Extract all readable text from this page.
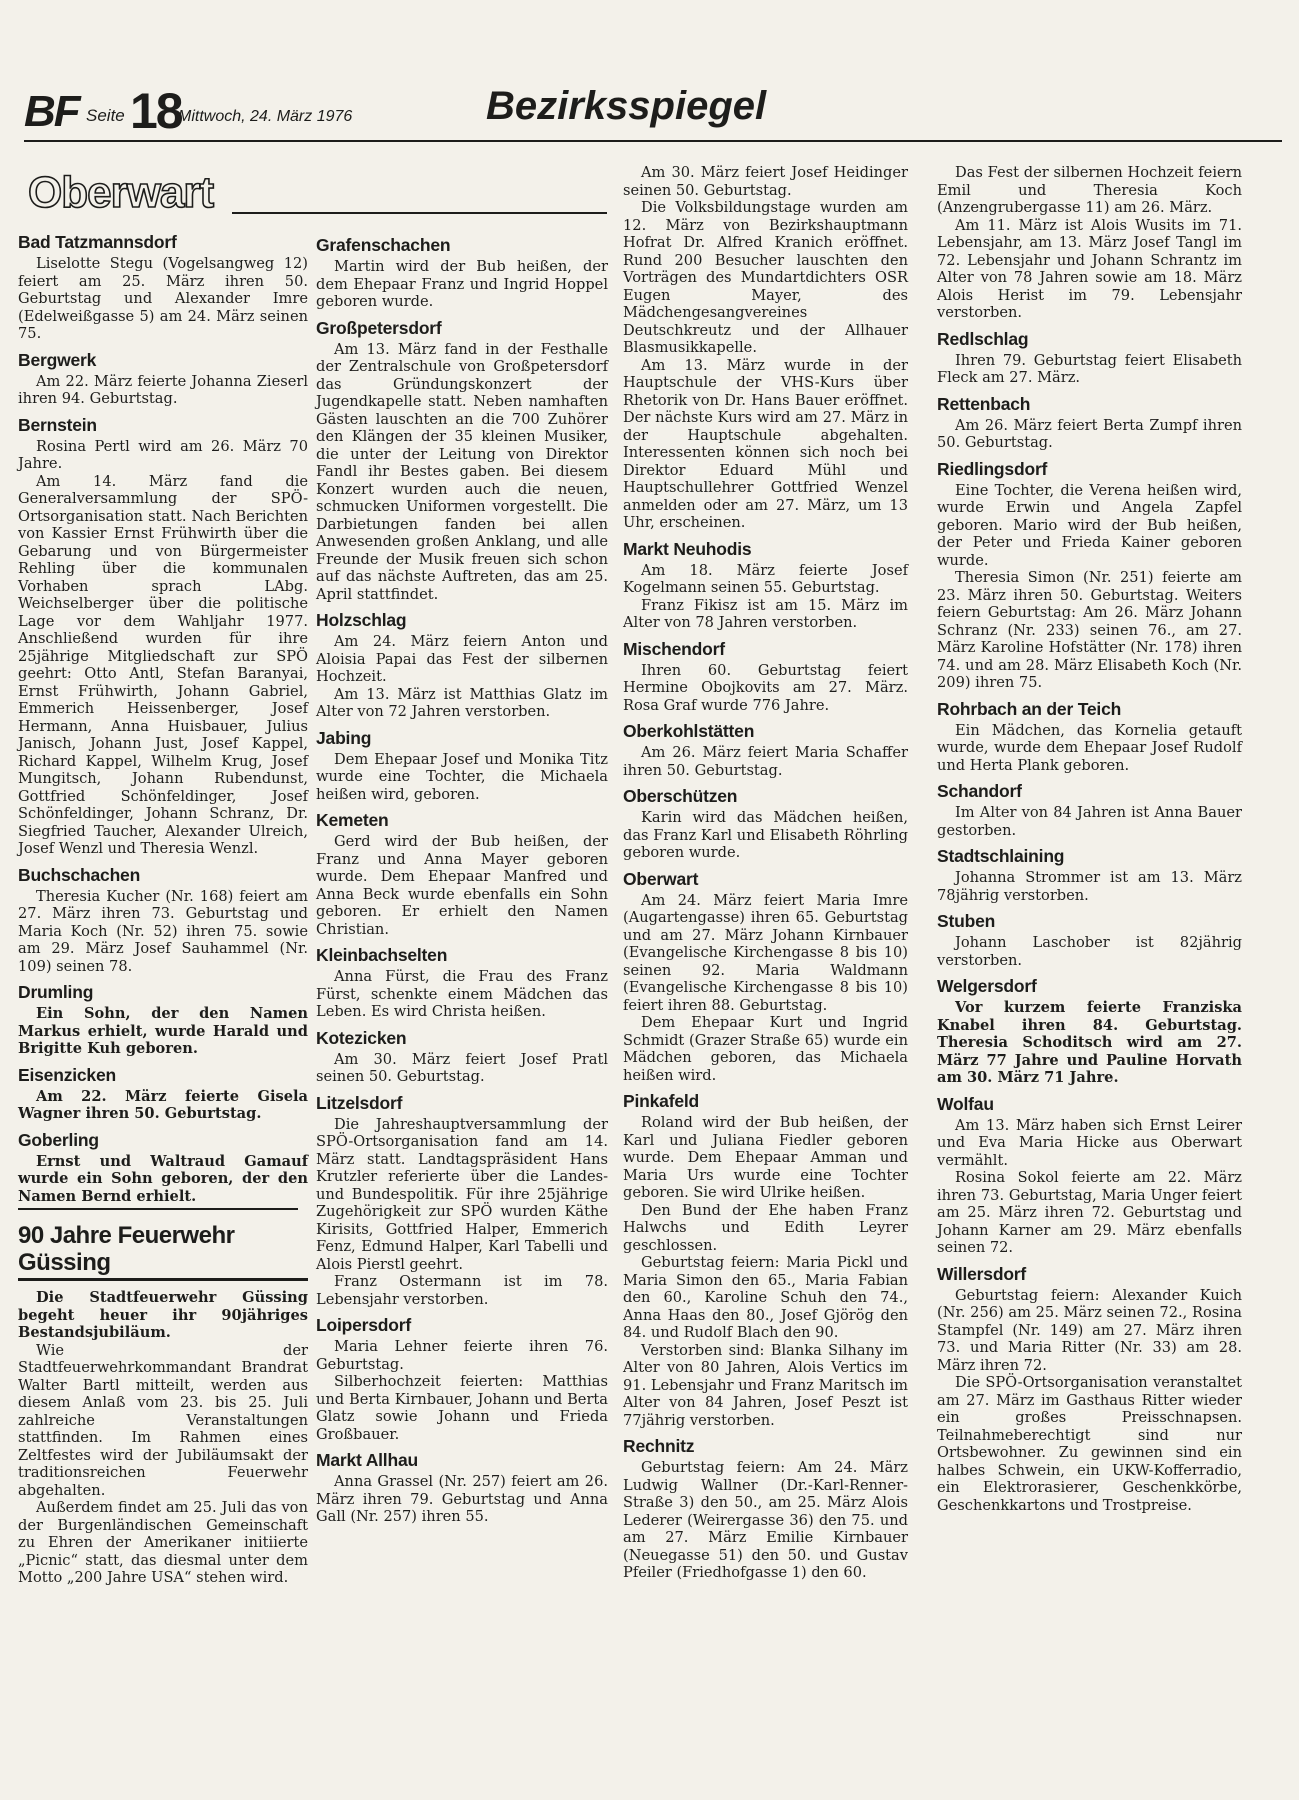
BF Seite 18
Mittwoch, 24. März 1976	Bezirksspiegel
Oberwart
Bad Tatzmannsdorf

Liselotte Stegu (Vogelsangweg 12) feiert am 25. März ihren 50. Geburtstag und Alexander Imre (Edelweißgasse 5) am 24. März seinen 75.

Bergwerk

Am 22. März feierte Johanna Zieserl ihren 94. Geburtstag.

Bernstein

Rosina Pertl wird am 26. März 70 Jahre.

Am 14. März fand die Generalversammlung der SPÖ-Ortsorganisation statt. Nach Berichten von Kassier Ernst Frühwirth über die Gebarung und von Bürgermeister Rehling über die kommunalen Vorhaben sprach LAbg. Weichselberger über die politische Lage vor dem Wahljahr 1977. Anschließend wurden für ihre 25jährige Mitgliedschaft zur SPÖ geehrt: Otto Antl, Stefan Baranyai, Ernst Frühwirth, Johann Gabriel, Emmerich Heissenberger, Josef Hermann, Anna Huisbauer, Julius Janisch, Johann Just, Josef Kappel, Richard Kappel, Wilhelm Krug, Josef Mungitsch, Johann Rubendunst, Gottfried Schönfeldinger, Josef Schönfeldinger, Johann Schranz, Dr. Siegfried Taucher, Alexander Ulreich, Josef Wenzl und Theresia Wenzl.

Buchschachen

Theresia Kucher (Nr. 168) feiert am 27. März ihren 73. Geburtstag und Maria Koch (Nr. 52) ihren 75. sowie am 29. März Josef Sauhammel (Nr. 109) seinen 78.

Drumling

Ein Sohn, der den Namen Markus erhielt, wurde Harald und Brigitte Kuh geboren.

Eisenzicken

Am 22. März feierte Gisela Wagner ihren 50. Geburtstag.

Goberling

Ernst und Waltraud Gamauf wurde ein Sohn geboren, der den Namen Bernd erhielt.

90 Jahre Feuerwehr Güssing

Die Stadtfeuerwehr Güssing begeht heuer ihr 90jähriges Bestandsjubiläum.

Wie der Stadtfeuerwehrkommandant Brandrat Walter Bartl mitteilt, werden aus diesem Anlaß vom 23. bis 25. Juli zahlreiche Veranstaltungen stattfinden. Im Rahmen eines Zeltfestes wird der Jubiläumsakt der traditionsreichen Feuerwehr abgehalten.

Außerdem findet am 25. Juli das von der Burgenländischen Gemeinschaft zu Ehren der Amerikaner initiierte „Picnic“ statt, das diesmal unter dem Motto „200 Jahre USA“ stehen wird.

Grafenschachen

Martin wird der Bub heißen, der dem Ehepaar Franz und Ingrid Hoppel geboren wurde.

Großpetersdorf

Am 13. März fand in der Festhalle der Zentralschule von Großpetersdorf das Gründungskonzert der Jugendkapelle statt. Neben namhaften Gästen lauschten an die 700 Zuhörer den Klängen der 35 kleinen Musiker, die unter der Leitung von Direktor Fandl ihr Bestes gaben. Bei diesem Konzert wurden auch die neuen, schmucken Uniformen vorgestellt. Die Darbietungen fanden bei allen Anwesenden großen Anklang, und alle Freunde der Musik freuen sich schon auf das nächste Auftreten, das am 25. April stattfindet.

Holzschlag

Am 24. März feiern Anton und Aloisia Papai das Fest der silbernen Hochzeit.

Am 13. März ist Matthias Glatz im Alter von 72 Jahren verstorben.

Jabing

Dem Ehepaar Josef und Monika Titz wurde eine Tochter, die Michaela heißen wird, geboren.

Kemeten

Gerd wird der Bub heißen, der Franz und Anna Mayer geboren wurde. Dem Ehepaar Manfred und Anna Beck wurde ebenfalls ein Sohn geboren. Er erhielt den Namen Christian.

Kleinbachselten

Anna Fürst, die Frau des Franz Fürst, schenkte einem Mädchen das Leben. Es wird Christa heißen.

Kotezicken

Am 30. März feiert Josef Pratl seinen 50. Geburtstag.

Litzelsdorf

Die Jahreshauptversammlung der SPÖ-Ortsorganisation fand am 14. März statt. Landtagspräsident Hans Krutzler referierte über die Landes- und Bundespolitik. Für ihre 25jährige Zugehörigkeit zur SPÖ wurden Käthe Kirisits, Gottfried Halper, Emmerich Fenz, Edmund Halper, Karl Tabelli und Alois Pierstl geehrt.

Franz Ostermann ist im 78. Lebensjahr verstorben.

Loipersdorf

Maria Lehner feierte ihren 76. Geburtstag.

Silberhochzeit feierten: Matthias und Berta Kirnbauer, Johann und Berta Glatz sowie Johann und Frieda Großbauer.

Markt Allhau

Anna Grassel (Nr. 257) feiert am 26. März ihren 79. Geburtstag und Anna Gall (Nr. 257) ihren 55.

Am 30. März feiert Josef Heidinger seinen 50. Geburtstag.

Die Volksbildungstage wurden am 12. März von Bezirkshauptmann Hofrat Dr. Alfred Kranich eröffnet. Rund 200 Besucher lauschten den Vorträgen des Mundartdichters OSR Eugen Mayer, des Mädchengesangvereines Deutschkreutz und der Allhauer Blasmusikkapelle.

Am 13. März wurde in der Hauptschule der VHS-Kurs über Rhetorik von Dr. Hans Bauer eröffnet. Der nächste Kurs wird am 27. März in der Hauptschule abgehalten. Interessenten können sich noch bei Direktor Eduard Mühl und Hauptschullehrer Gottfried Wenzel anmelden oder am 27. März, um 13 Uhr, erscheinen.

Markt Neuhodis

Am 18. März feierte Josef Kogelmann seinen 55. Geburtstag.

Franz Fikisz ist am 15. März im Alter von 78 Jahren verstorben.

Mischendorf

Ihren 60. Geburtstag feiert Hermine Obojkovits am 27. März. Rosa Graf wurde 776 Jahre.

Oberkohlstätten

Am 26. März feiert Maria Schaffer ihren 50. Geburtstag.

Oberschützen

Karin wird das Mädchen heißen, das Franz Karl und Elisabeth Röhrling geboren wurde.

Oberwart

Am 24. März feiert Maria Imre (Augartengasse) ihren 65. Geburtstag und am 27. März Johann Kirnbauer (Evangelische Kirchengasse 8 bis 10) seinen 92. Maria Waldmann (Evangelische Kirchengasse 8 bis 10) feiert ihren 88. Geburtstag.

Dem Ehepaar Kurt und Ingrid Schmidt (Grazer Straße 65) wurde ein Mädchen geboren, das Michaela heißen wird.

Pinkafeld

Roland wird der Bub heißen, der Karl und Juliana Fiedler geboren wurde. Dem Ehepaar Amman und Maria Urs wurde eine Tochter geboren. Sie wird Ulrike heißen.

Den Bund der Ehe haben Franz Halwchs und Edith Leyrer geschlossen.

Geburtstag feiern: Maria Pickl und Maria Simon den 65., Maria Fabian den 60., Karoline Schuh den 74., Anna Haas den 80., Josef Gjörög den 84. und Rudolf Blach den 90.

Verstorben sind: Blanka Silhany im Alter von 80 Jahren, Alois Vertics im 91. Lebensjahr und Franz Maritsch im Alter von 84 Jahren, Josef Peszt ist 77jährig verstorben.

Rechnitz

Geburtstag feiern: Am 24. März Ludwig Wallner (Dr.-Karl-Renner-Straße 3) den 50., am 25. März Alois Lederer (Weirergasse 36) den 75. und am 27. März Emilie Kirnbauer (Neuegasse 51) den 50. und Gustav Pfeiler (Friedhofgasse 1) den 60.

Das Fest der silbernen Hochzeit feiern Emil und Theresia Koch (Anzengrubergasse 11) am 26. März.

Am 11. März ist Alois Wusits im 71. Lebensjahr, am 13. März Josef Tangl im 72. Lebensjahr und Johann Schrantz im Alter von 78 Jahren sowie am 18. März Alois Herist im 79. Lebensjahr verstorben.

Redlschlag

Ihren 79. Geburtstag feiert Elisabeth Fleck am 27. März.

Rettenbach

Am 26. März feiert Berta Zumpf ihren 50. Geburtstag.

Riedlingsdorf

Eine Tochter, die Verena heißen wird, wurde Erwin und Angela Zapfel geboren. Mario wird der Bub heißen, der Peter und Frieda Kainer geboren wurde.

Theresia Simon (Nr. 251) feierte am 23. März ihren 50. Geburtstag. Weiters feiern Geburtstag: Am 26. März Johann Schranz (Nr. 233) seinen 76., am 27. März Karoline Hofstätter (Nr. 178) ihren 74. und am 28. März Elisabeth Koch (Nr. 209) ihren 75.

Rohrbach an der Teich

Ein Mädchen, das Kornelia getauft wurde, wurde dem Ehepaar Josef Rudolf und Herta Plank geboren.

Schandorf

Im Alter von 84 Jahren ist Anna Bauer gestorben.

Stadtschlaining

Johanna Strommer ist am 13. März 78jährig verstorben.

Stuben

Johann Laschober ist 82jährig verstorben.

Welgersdorf

Vor kurzem feierte Franziska Knabel ihren 84. Geburtstag. Theresia Schoditsch wird am 27. März 77 Jahre und Pauline Horvath am 30. März 71 Jahre.

Wolfau

Am 13. März haben sich Ernst Leirer und Eva Maria Hicke aus Oberwart vermählt.

Rosina Sokol feierte am 22. März ihren 73. Geburtstag, Maria Unger feiert am 25. März ihren 72. Geburtstag und Johann Karner am 29. März ebenfalls seinen 72.

Willersdorf

Geburtstag feiern: Alexander Kuich (Nr. 256) am 25. März seinen 72., Rosina Stampfel (Nr. 149) am 27. März ihren 73. und Maria Ritter (Nr. 33) am 28. März ihren 72.

Die SPÖ-Ortsorganisation veranstaltet am 27. März im Gasthaus Ritter wieder ein großes Preisschnapsen. Teilnahmeberechtigt sind nur Ortsbewohner. Zu gewinnen sind ein halbes Schwein, ein UKW-Kofferradio, ein Elektrorasierer, Geschenkkörbe, Geschenkkartons und Trostpreise.
